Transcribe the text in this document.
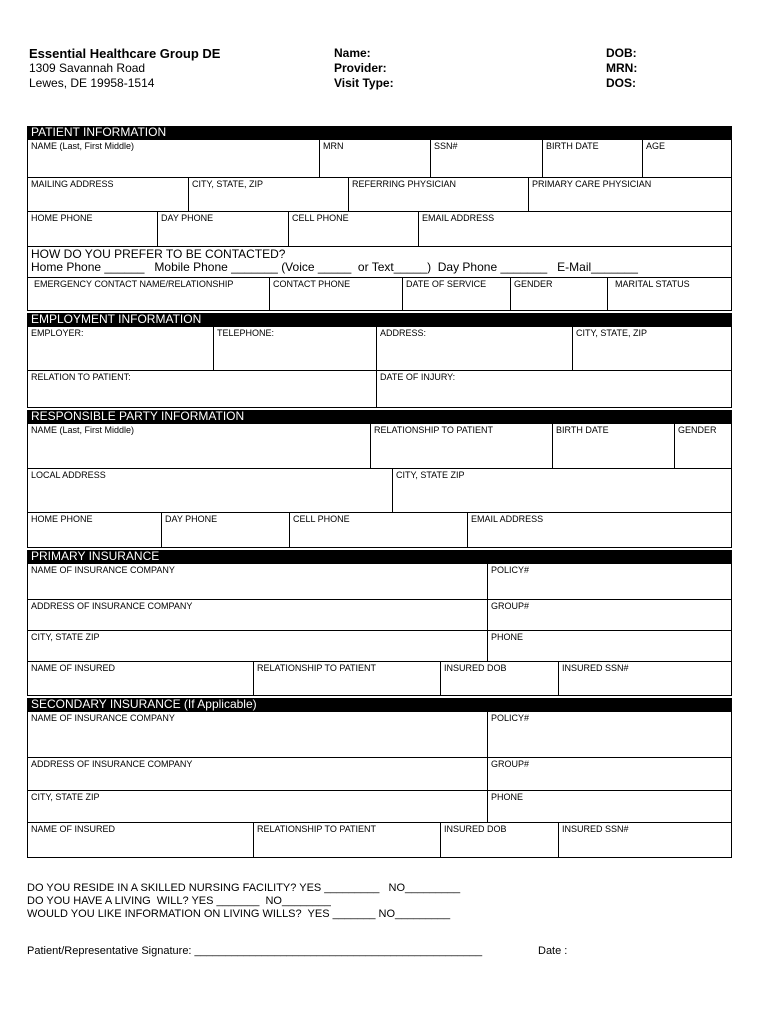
Essential Healthcare Group DE
1309 Savannah Road
Lewes, DE 19958-1514
Name:
Provider:
Visit Type:
DOB:
MRN:
DOS:
PATIENT INFORMATION
NAME (Last, First Middle)	MRN	SSN#	BIRTH DATE	AGE
MAILING ADDRESS	CITY, STATE, ZIP	REFERRING PHYSICIAN	PRIMARY CARE PHYSICIAN
HOME PHONE	DAY PHONE	CELL PHONE	EMAIL ADDRESS
HOW DO YOU PREFER TO BE CONTACTED?
Home Phone ______   Mobile Phone _______ (Voice _____  or Text_____)  Day Phone _______   E-Mail_______
EMERGENCY CONTACT NAME/RELATIONSHIP	CONTACT PHONE	DATE OF SERVICE	GENDER	MARITAL STATUS
EMPLOYMENT INFORMATION
EMPLOYER:	TELEPHONE:	ADDRESS:	CITY, STATE, ZIP
RELATION TO PATIENT:	DATE OF INJURY:
RESPONSIBLE PARTY INFORMATION
NAME (Last, First Middle)	RELATIONSHIP TO PATIENT	BIRTH DATE	GENDER
LOCAL ADDRESS	CITY, STATE ZIP
HOME PHONE	DAY PHONE	CELL PHONE	EMAIL ADDRESS
PRIMARY INSURANCE
NAME OF INSURANCE COMPANY	POLICY#
ADDRESS OF INSURANCE COMPANY	GROUP#
CITY, STATE ZIP	PHONE
NAME OF INSURED	RELATIONSHIP TO PATIENT	INSURED DOB	INSURED SSN#
SECONDARY INSURANCE (If Applicable)
NAME OF INSURANCE COMPANY	POLICY#
ADDRESS OF INSURANCE COMPANY	GROUP#
CITY, STATE ZIP	PHONE
NAME OF INSURED	RELATIONSHIP TO PATIENT	INSURED DOB	INSURED SSN#
DO YOU RESIDE IN A SKILLED NURSING FACILITY? YES _________   NO_________
DO YOU HAVE A LIVING  WILL? YES _______  NO________
WOULD YOU LIKE INFORMATION ON LIVING WILLS?  YES _______ NO_________
Patient/Representative Signature: _______________________________________________	Date :
